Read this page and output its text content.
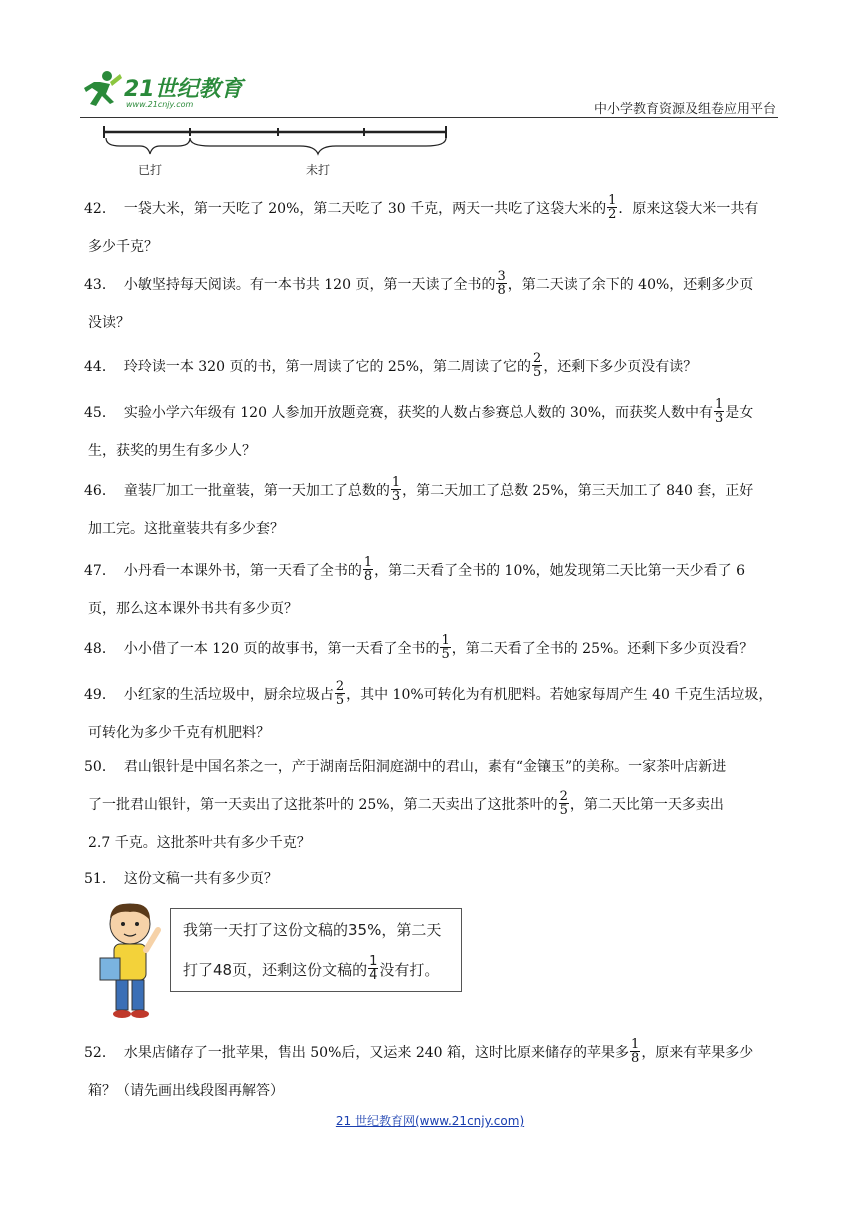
21世纪教育
www.21cnjy.com	中小学教育资源及组卷应用平台
已打	未打
42． 一袋大米，第一天吃了 20%，第二天吃了 30 千克，两天一共吃了这袋大米的 $\frac{1}{2}$ ．原来这袋大米一共有
多少千克？
43． 小敏坚持每天阅读。有一本书共 120 页，第一天读了全书的 $\frac{3}{8}$ ，第二天读了余下的 40%，还剩多少页
没读？
44． 玲玲读一本 320 页的书，第一周读了它的 25%，第二周读了它的 $\frac{2}{5}$ ，还剩下多少页没有读？
45． 实验小学六年级有 120 人参加开放题竞赛，获奖的人数占参赛总人数的 30%，而获奖人数中有 $\frac{1}{3}$ 是女
生，获奖的男生有多少人？
46． 童装厂加工一批童装，第一天加工了总数的 $\frac{1}{3}$ ，第二天加工了总数 25%，第三天加工了 840 套，正好
加工完。这批童装共有多少套？
47． 小丹看一本课外书，第一天看了全书的 $\frac{1}{8}$ ，第二天看了全书的 10%，她发现第二天比第一天少看了 6
页，那么这本课外书共有多少页？
48． 小小借了一本 120 页的故事书，第一天看了全书的 $\frac{1}{5}$ ，第二天看了全书的 25%。还剩下多少页没看？
49． 小红家的生活垃圾中，厨余垃圾占 $\frac{2}{5}$ ，其中 10%可转化为有机肥料。若她家每周产生 40 千克生活垃圾，
可转化为多少千克有机肥料？
50． 君山银针是中国名茶之一，产于湖南岳阳洞庭湖中的君山，素有“金镶玉”的美称。一家茶叶店新进
了一批君山银针，第一天卖出了这批茶叶的 25%，第二天卖出了这批茶叶的 $\frac{2}{5}$ ，第二天比第一天多卖出
2.7 千克。这批茶叶共有多少千克？
51． 这份文稿一共有多少页？
我第一天打了这份文稿的35%，第二天
打了48页，还剩这份文稿的 $\frac{1}{4}$ 没有打。
52． 水果店储存了一批苹果，售出 50%后，又运来 240 箱，这时比原来储存的苹果多 $\frac{1}{8}$ ，原来有苹果多少
箱？（请先画出线段图再解答）
21 世纪教育网(www.21cnjy.com)
